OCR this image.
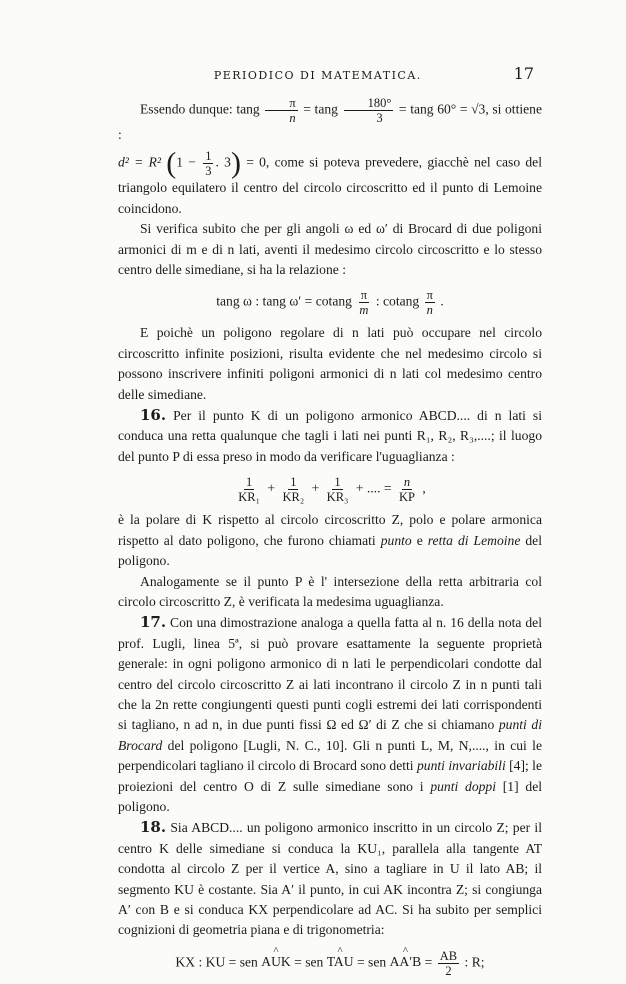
PERIODICO DI MATEMATICA.	17

Essendo dunque: tang $\frac{\pi}{n} = \tan g \frac{180^\circ}{3} = \tan g$ 60° = √3, si ottiene :

d² = R² ($1 - \frac{1}{3}$ . 3) = 0, come si poteva prevedere, giacchè nel caso del triangolo equilatero il centro del circolo circoscritto ed il punto di Lemoine coincidono.

Si verifica subito che per gli angoli ω ed ω′ di Brocard di due poligoni armonici di m e di n lati, aventi il medesimo circolo circoscritto e lo stesso centro delle simediane, si ha la relazione :

tang ω : tang ω′ = cotang $\frac{\pi}{m}$ : cotang $\frac{\pi}{n}$ .

E poichè un poligono regolare di n lati può occupare nel circolo circoscritto infinite posizioni, risulta evidente che nel medesimo circolo si possono inscrivere infiniti poligoni armonici di n lati col medesimo centro delle simediane.

16. Per il punto K di un poligono armonico ABCD.... di n lati si conduca una retta qualunque che tagli i lati nei punti R₁, R₂, R₃,....; il luogo del punto P di essa preso in modo da verificare l'uguaglianza :

$\frac{1}{\text{KR₁}} + \frac{1}{\text{KR₂}} + \frac{1}{\text{KR₃}}$ + .... = $\frac{n}{KP}$ ,

è la polare di K rispetto al circolo circoscritto Z, polo e polare armonica rispetto al dato poligono, che furono chiamati punto e retta di Lemoine del poligono.

Analogamente se il punto P è l' intersezione della retta arbitraria col circolo circoscritto Z, è verificata la medesima uguaglianza.

17. Con una dimostrazione analoga a quella fatta al n. 16 della nota del prof. Lugli, linea 5ª, si può provare esattamente la seguente proprietà generale: in ogni poligono armonico di n lati le perpendicolari condotte dal centro del circolo circoscritto Z ai lati incontrano il circolo Z in n punti tali che la 2n rette congiungenti questi punti cogli estremi dei lati corrispondenti si tagliano, n ad n, in due punti fissi Ω ed Ω′ di Z che si chiamano punti di Brocard del poligono [Lugli, N. C., 10]. Gli n punti L, M, N,...., in cui le perpendicolari tagliano il circolo di Brocard sono detti punti invariabili [4]; le proiezioni del centro O di Z sulle simediane sono i punti doppi [1] del poligono.

18. Sia ABCD.... un poligono armonico inscritto in un circolo Z; per il centro K delle simediane si conduca la KU₁, parallela alla tangente AT condotta al circolo Z per il vertice A, sino a tagliare in U il lato AB; il segmento KU è costante. Sia A′ il punto, in cui AK incontra Z; si congiunga A′ con B e si conduca KX perpendicolare ad AC. Si ha subito per semplici cognizioni di geometria piana e di trigonometria:

KX : KU = sen ^ AUK = sen ^ TAU = sen ^ $AA'B = \frac{AB}{2}$ : R;
